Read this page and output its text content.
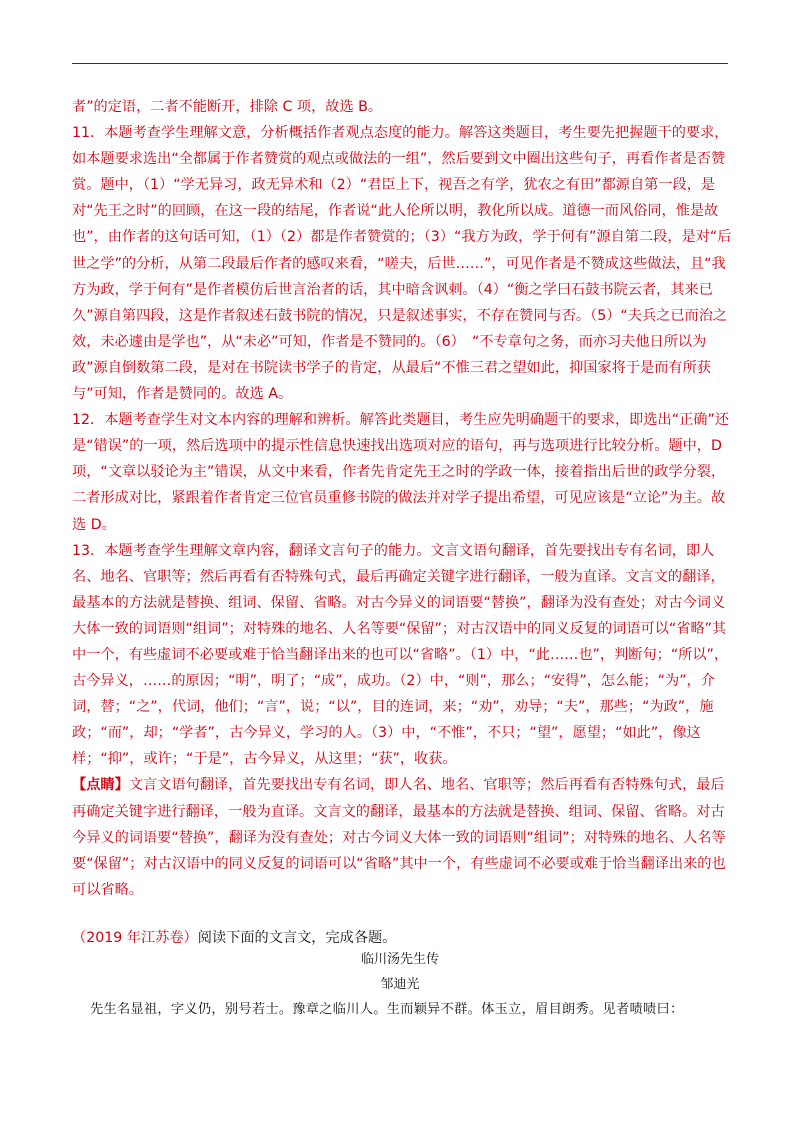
者”的定语，二者不能断开，排除 C 项，故选 B。

11．本题考查学生理解文意，分析概括作者观点态度的能力。解答这类题目，考生要先把握题干的要求，如本题要求选出“全都属于作者赞赏的观点或做法的一组”，然后要到文中圈出这些句子，再看作者是否赞赏。题中，（1）“学无异习，政无异术和（2）“君臣上下，视吾之有学，犹农之有田”都源自第一段，是对“先王之时”的回顾，在这一段的结尾，作者说“此人伦所以明，教化所以成。道德一而风俗同，惟是故也”，由作者的这句话可知，（1）（2）都是作者赞赏的；（3）“我方为政，学于何有”源自第二段，是对“后世之学”的分析，从第二段最后作者的感叹来看，“嗟夫，后世……”，可见作者是不赞成这些做法，且“我方为政，学于何有”是作者模仿后世言治者的话，其中暗含讽刺。（4）“衡之学曰石鼓书院云者，其来已久”源自第四段，这是作者叙述石鼓书院的情况，只是叙述事实，不存在赞同与否。（5）“夫兵之已而治之效，未必遽由是学也”，从“未必”可知，作者是不赞同的。（6）　“不专章句之务，而亦习夫他日所以为政”源自倒数第二段，是对在书院读书学子的肯定，从最后“不惟三君之望如此，抑国家将于是而有所获与”可知，作者是赞同的。故选 A。

12．本题考查学生对文本内容的理解和辨析。解答此类题目，考生应先明确题干的要求，即选出“正确”还是“错误”的一项，然后选项中的提示性信息快速找出选项对应的语句，再与选项进行比较分析。题中，D 项，“文章以驳论为主”错误，从文中来看，作者先肯定先王之时的学政一体，接着指出后世的政学分裂，二者形成对比，紧跟着作者肯定三位官员重修书院的做法并对学子提出希望，可见应该是“立论”为主。故选 D。

13．本题考查学生理解文章内容，翻译文言句子的能力。文言文语句翻译，首先要找出专有名词，即人名、地名、官职等；然后再看有否特殊句式，最后再确定关键字进行翻译，一般为直译。文言文的翻译，最基本的方法就是替换、组词、保留、省略。对古今异义的词语要“替换”，翻译为没有查处；对古今词义大体一致的词语则“组词”；对特殊的地名、人名等要“保留”；对古汉语中的同义反复的词语可以“省略”其中一个，有些虚词不必要或难于恰当翻译出来的也可以“省略”。（1）中，“此……也”，判断句；“所以”，古今异义，……的原因；“明”，明了；“成”，成功。（2）中，“则”，那么；“安得”，怎么能；“为”，介词，替；“之”，代词，他们；“言”，说；“以”，目的连词，来；“劝”，劝导；“夫”，那些；“为政”，施政；“而”，却；“学者”，古今异义，学习的人。（3）中，“不惟”，不只；“望”，愿望；“如此”，像这样；“抑”，或许；“于是”，古今异义，从这里；“获”，收获。

【点睛】文言文语句翻译，首先要找出专有名词，即人名、地名、官职等；然后再看有否特殊句式，最后再确定关键字进行翻译，一般为直译。文言文的翻译，最基本的方法就是替换、组词、保留、省略。对古今异义的词语要“替换”，翻译为没有查处；对古今词义大体一致的词语则“组词”；对特殊的地名、人名等要“保留”；对古汉语中的同义反复的词语可以“省略”其中一个，有些虚词不必要或难于恰当翻译出来的也可以省略。

（2019 年江苏卷）阅读下面的文言文，完成各题。
临川汤先生传
邹迪光
先生名显祖，字义仍，别号若士。豫章之临川人。生而颖异不群。体玉立，眉目朗秀。见者啧啧曰：
